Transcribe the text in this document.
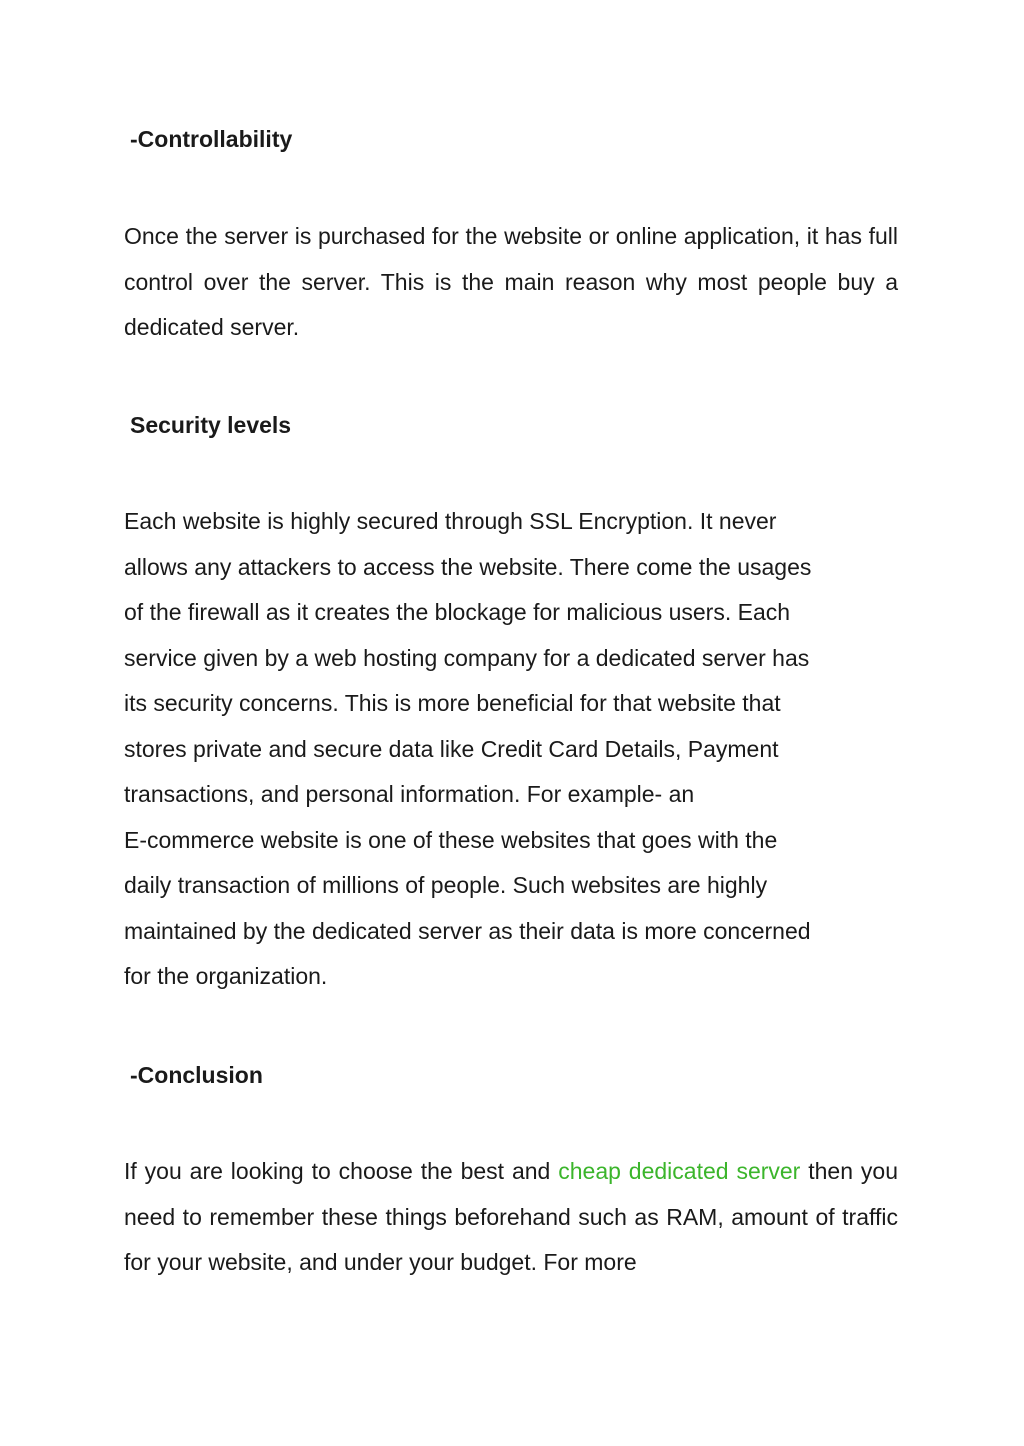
-Controllability

Once the server is purchased for the website or online application, it has full control over the server. This is the main reason why most people buy a dedicated server.

Security levels
Each website is highly secured through SSL Encryption. It never
allows any attackers to access the website. There come the usages
of the firewall as it creates the blockage for malicious users. Each
service given by a web hosting company for a dedicated server has
its security concerns. This is more beneficial for that website that
stores private and secure data like Credit Card Details, Payment
transactions, and personal information. For example- an
E-commerce website is one of these websites that goes with the
daily transaction of millions of people. Such websites are highly
maintained by the dedicated server as their data is more concerned
for the organization.
-Conclusion

If you are looking to choose the best and cheap dedicated server then you need to remember these things beforehand such as RAM, amount of traffic for your website, and under your budget. For more
